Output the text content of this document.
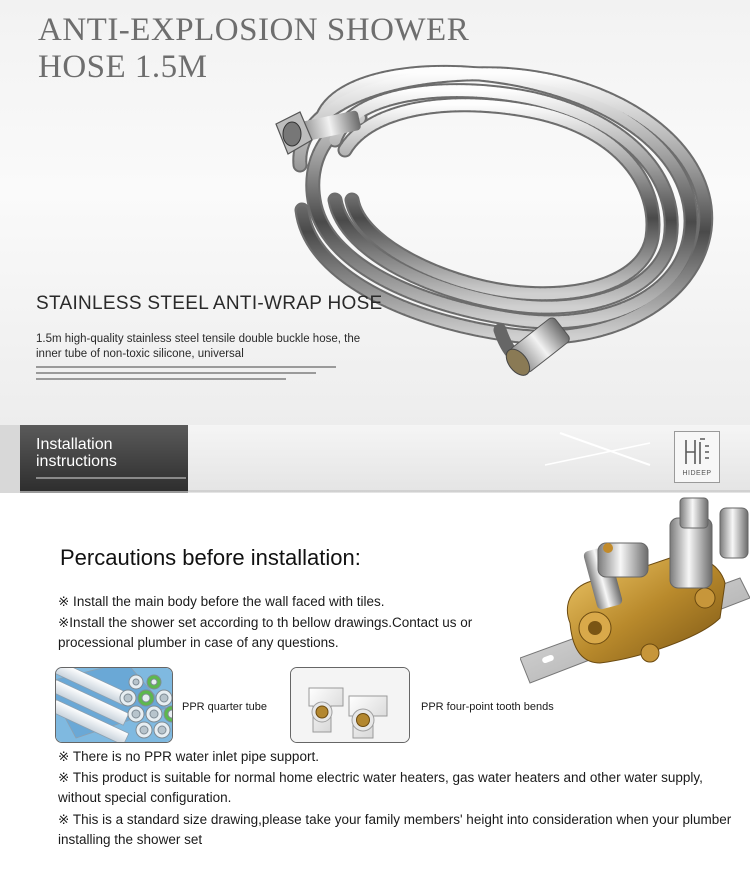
ANTI-EXPLOSION SHOWER
HOSE 1.5M
STAINLESS STEEL ANTI-WRAP HOSE
1.5m high-quality stainless steel tensile double buckle hose, the inner tube of non-toxic silicone, universal
Installation instructions
HIDEEP
Percautions before installation:
※ Install the main body before the wall faced with tiles.
※Install the shower set according to th bellow drawings.Contact us or processional plumber in case of any questions.
PPR quarter tube	PPR four-point tooth bends
※ There is no PPR water inlet pipe support.
※ This product is suitable for normal home electric water heaters, gas water heaters and other water supply, without special configuration.
※ This is a standard size drawing,please take your family members' height into consideration when your plumber installing the shower set
